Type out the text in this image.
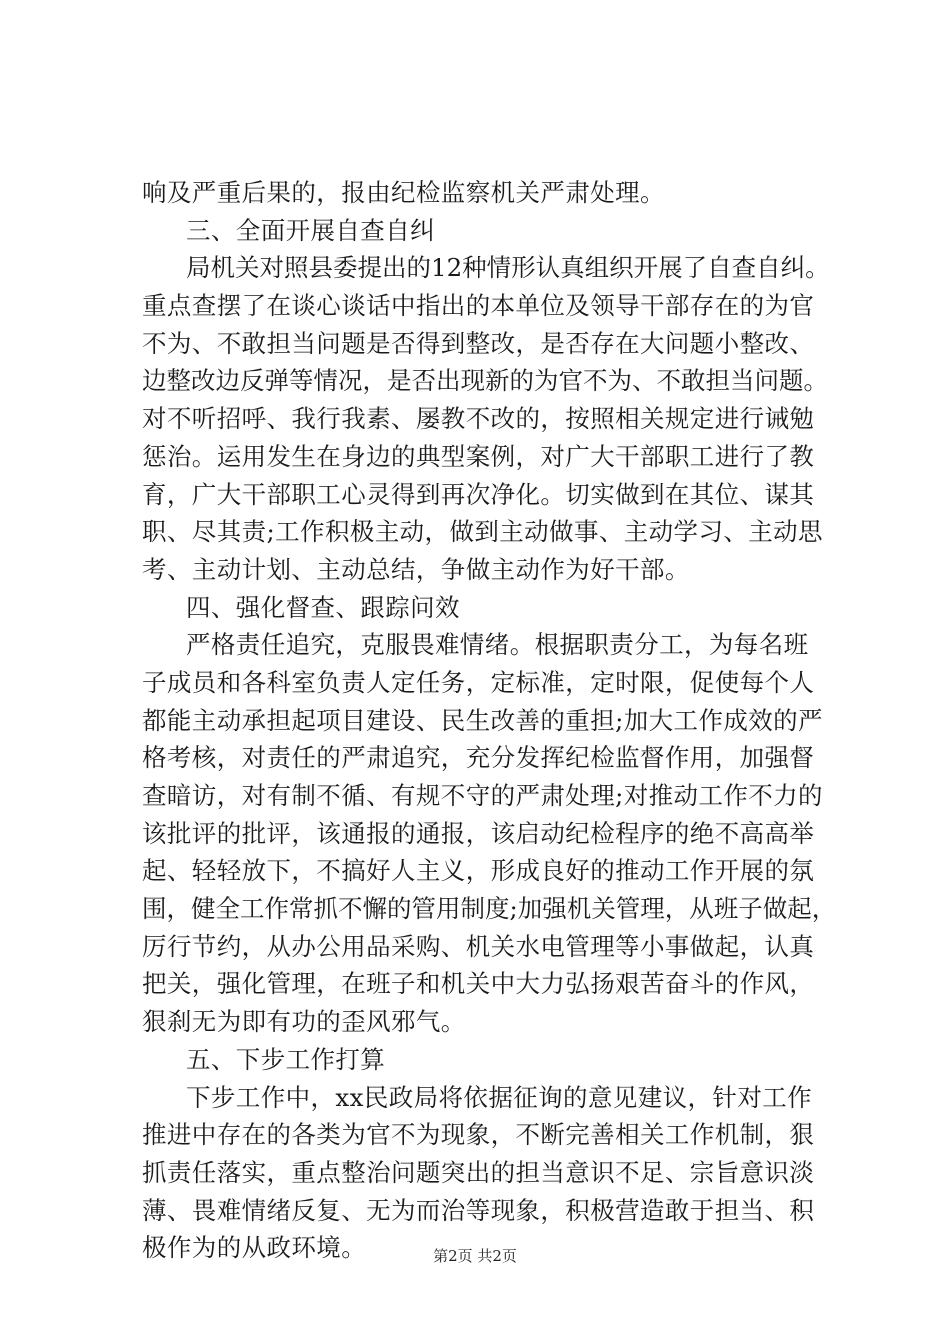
响及严重后果的，报由纪检监察机关严肃处理。
三、全面开展自查自纠
局机关对照县委提出的12种情形认真组织开展了自查自纠。
重点查摆了在谈心谈话中指出的本单位及领导干部存在的为官
不为、不敢担当问题是否得到整改，是否存在大问题小整改、
边整改边反弹等情况，是否出现新的为官不为、不敢担当问题。
对不听招呼、我行我素、屡教不改的，按照相关规定进行诫勉
惩治。运用发生在身边的典型案例，对广大干部职工进行了教
育，广大干部职工心灵得到再次净化。切实做到在其位、谋其
职、尽其责;工作积极主动，做到主动做事、主动学习、主动思
考、主动计划、主动总结，争做主动作为好干部。
四、强化督查、跟踪问效
严格责任追究，克服畏难情绪。根据职责分工，为每名班
子成员和各科室负责人定任务，定标准，定时限，促使每个人
都能主动承担起项目建设、民生改善的重担;加大工作成效的严
格考核，对责任的严肃追究，充分发挥纪检监督作用，加强督
查暗访，对有制不循、有规不守的严肃处理;对推动工作不力的
该批评的批评，该通报的通报，该启动纪检程序的绝不高高举
起、轻轻放下，不搞好人主义，形成良好的推动工作开展的氛
围，健全工作常抓不懈的管用制度;加强机关管理，从班子做起，
厉行节约，从办公用品采购、机关水电管理等小事做起，认真
把关，强化管理，在班子和机关中大力弘扬艰苦奋斗的作风，
狠刹无为即有功的歪风邪气。
五、下步工作打算
下步工作中，xx民政局将依据征询的意见建议，针对工作
推进中存在的各类为官不为现象，不断完善相关工作机制，狠
抓责任落实，重点整治问题突出的担当意识不足、宗旨意识淡
薄、畏难情绪反复、无为而治等现象，积极营造敢于担当、积
极作为的从政环境。	第2页 共2页
